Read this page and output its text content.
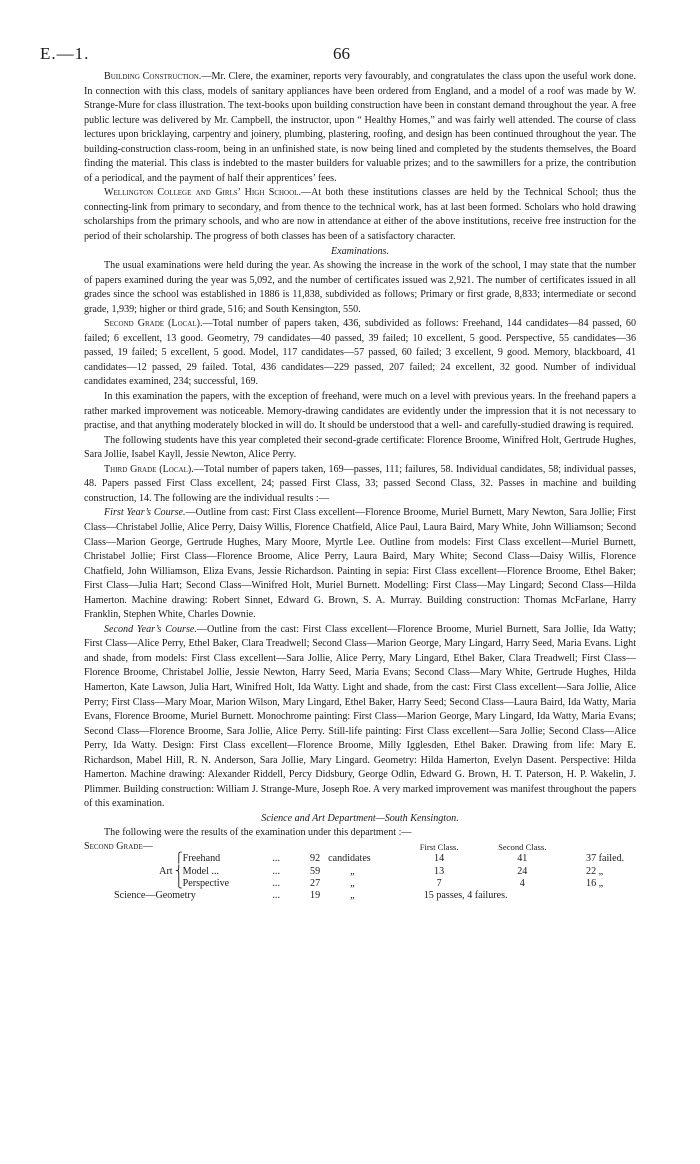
E.—1.	66

Building Construction.—Mr. Clere, the examiner, reports very favourably, and congratulates the class upon the useful work done. In connection with this class, models of sanitary appliances have been ordered from England, and a model of a roof was made by W. Strange-Mure for class illustration. The text-books upon building construction have been in constant demand throughout the year. A free public lecture was delivered by Mr. Campbell, the instructor, upon “ Healthy Homes,” and was fairly well attended. The course of class lectures upon bricklaying, carpentry and joinery, plumbing, plastering, roofing, and design has been continued throughout the year. The building-construction class-room, being in an unfinished state, is now being lined and completed by the students themselves, the Board finding the material. This class is indebted to the master builders for valuable prizes; and to the sawmillers for a prize, the contribution of a periodical, and the payment of half their apprentices’ fees.

Wellington College and Girls’ High School.—At both these institutions classes are held by the Technical School; thus the connecting-link from primary to secondary, and from thence to the technical work, has at last been formed. Scholars who hold drawing scholarships from the primary schools, and who are now in attendance at either of the above institutions, receive free instruction for the period of their scholarship. The progress of both classes has been of a satisfactory character.

Examinations.

The usual examinations were held during the year. As showing the increase in the work of the school, I may state that the number of papers examined during the year was 5,092, and the number of certificates issued was 2,921. The number of certificates issued in all grades since the school was established in 1886 is 11,838, subdivided as follows; Primary or first grade, 8,833; intermediate or second grade, 1,939; higher or third grade, 516; and South Kensington, 550.

Second Grade (Local).—Total number of papers taken, 436, subdivided as follows: Freehand, 144 candidates—84 passed, 60 failed; 6 excellent, 13 good. Geometry, 79 candidates—40 passed, 39 failed; 10 excellent, 5 good. Perspective, 55 candidates—36 passed, 19 failed; 5 excellent, 5 good. Model, 117 candidates—57 passed, 60 failed; 3 excellent, 9 good. Memory, blackboard, 41 candidates—12 passed, 29 failed. Total, 436 candidates—229 passed, 207 failed; 24 excellent, 32 good. Number of individual candidates examined, 234; successful, 169.

In this examination the papers, with the exception of freehand, were much on a level with previous years. In the freehand papers a rather marked improvement was noticeable. Memory-drawing candidates are evidently under the impression that it is not necessary to practise, and that anything moderately blocked in will do. It should be understood that a well- and carefully-studied drawing is required.

The following students have this year completed their second-grade certificate: Florence Broome, Winifred Holt, Gertrude Hughes, Sara Jollie, Isabel Kayll, Jessie Newton, Alice Perry.

Third Grade (Local).—Total number of papers taken, 169—passes, 111; failures, 58. Individual candidates, 58; individual passes, 48. Papers passed First Class excellent, 24; passed First Class, 33; passed Second Class, 32. Passes in machine and building construction, 14. The following are the individual results :—

First Year’s Course.—Outline from cast: First Class excellent—Florence Broome, Muriel Burnett, Mary Newton, Sara Jollie; First Class—Christabel Jollie, Alice Perry, Daisy Willis, Florence Chatfield, Alice Paul, Laura Baird, Mary White, John Williamson; Second Class—Marion George, Gertrude Hughes, Mary Moore, Myrtle Lee. Outline from models: First Class excellent—Muriel Burnett, Christabel Jollie; First Class—Florence Broome, Alice Perry, Laura Baird, Mary White; Second Class—Daisy Willis, Florence Chatfield, John Williamson, Eliza Evans, Jessie Richardson. Painting in sepia: First Class excellent—Florence Broome, Ethel Baker; First Class—Julia Hart; Second Class—Winifred Holt, Muriel Burnett. Modelling: First Class—May Lingard; Second Class—Hilda Hamerton. Machine drawing: Robert Sinnet, Edward G. Brown, S. A. Murray. Building construction: Thomas McFarlane, Harry Franklin, Stephen White, Charles Downie.

Second Year’s Course.—Outline from the cast: First Class excellent—Florence Broome, Muriel Burnett, Sara Jollie, Ida Watty; First Class—Alice Perry, Ethel Baker, Clara Treadwell; Second Class—Marion George, Mary Lingard, Harry Seed, Maria Evans. Light and shade, from models: First Class excellent—Sara Jollie, Alice Perry, Mary Lingard, Ethel Baker, Clara Treadwell; First Class—Florence Broome, Christabel Jollie, Jessie Newton, Harry Seed, Maria Evans; Second Class—Mary White, Gertrude Hughes, Hilda Hamerton, Kate Lawson, Julia Hart, Winifred Holt, Ida Watty. Light and shade, from the cast: First Class excellent—Sara Jollie, Alice Perry; First Class—Mary Moar, Marion Wilson, Mary Lingard, Ethel Baker, Harry Seed; Second Class—Laura Baird, Ida Watty, Maria Evans, Florence Broome, Muriel Burnett. Monochrome painting: First Class—Marion George, Mary Lingard, Ida Watty, Maria Evans; Second Class—Florence Broome, Sara Jollie, Alice Perry. Still-life painting: First Class excellent—Sara Jollie; Second Class—Alice Perry, Ida Watty. Design: First Class excellent—Florence Broome, Milly Igglesden, Ethel Baker. Drawing from life: Mary E. Richardson, Mabel Hill, R. N. Anderson, Sara Jollie, Mary Lingard. Geometry: Hilda Hamerton, Evelyn Dasent. Perspective: Hilda Hamerton. Machine drawing: Alexander Riddell, Percy Didsbury, George Odlin, Edward G. Brown, H. T. Paterson, H. P. Wakelin, J. Plimmer. Building construction: William J. Strange-Mure, Joseph Roe. A very marked improvement was manifest throughout the papers of this examination.

Science and Art Department—South Kensington.

The following were the results of the examination under this department :—

Second Grade—						First Class.		Second Class.		
	⎧	Freehand	...	92	candidates		14		41		37 failed.
Art	⎨	Model ...	...	59	„		13		24		22 „
	⎩	Perspective	...	27	„		7		4		16 „
Science—Geometry			...	19	„		15 passes, 4 failures.				
